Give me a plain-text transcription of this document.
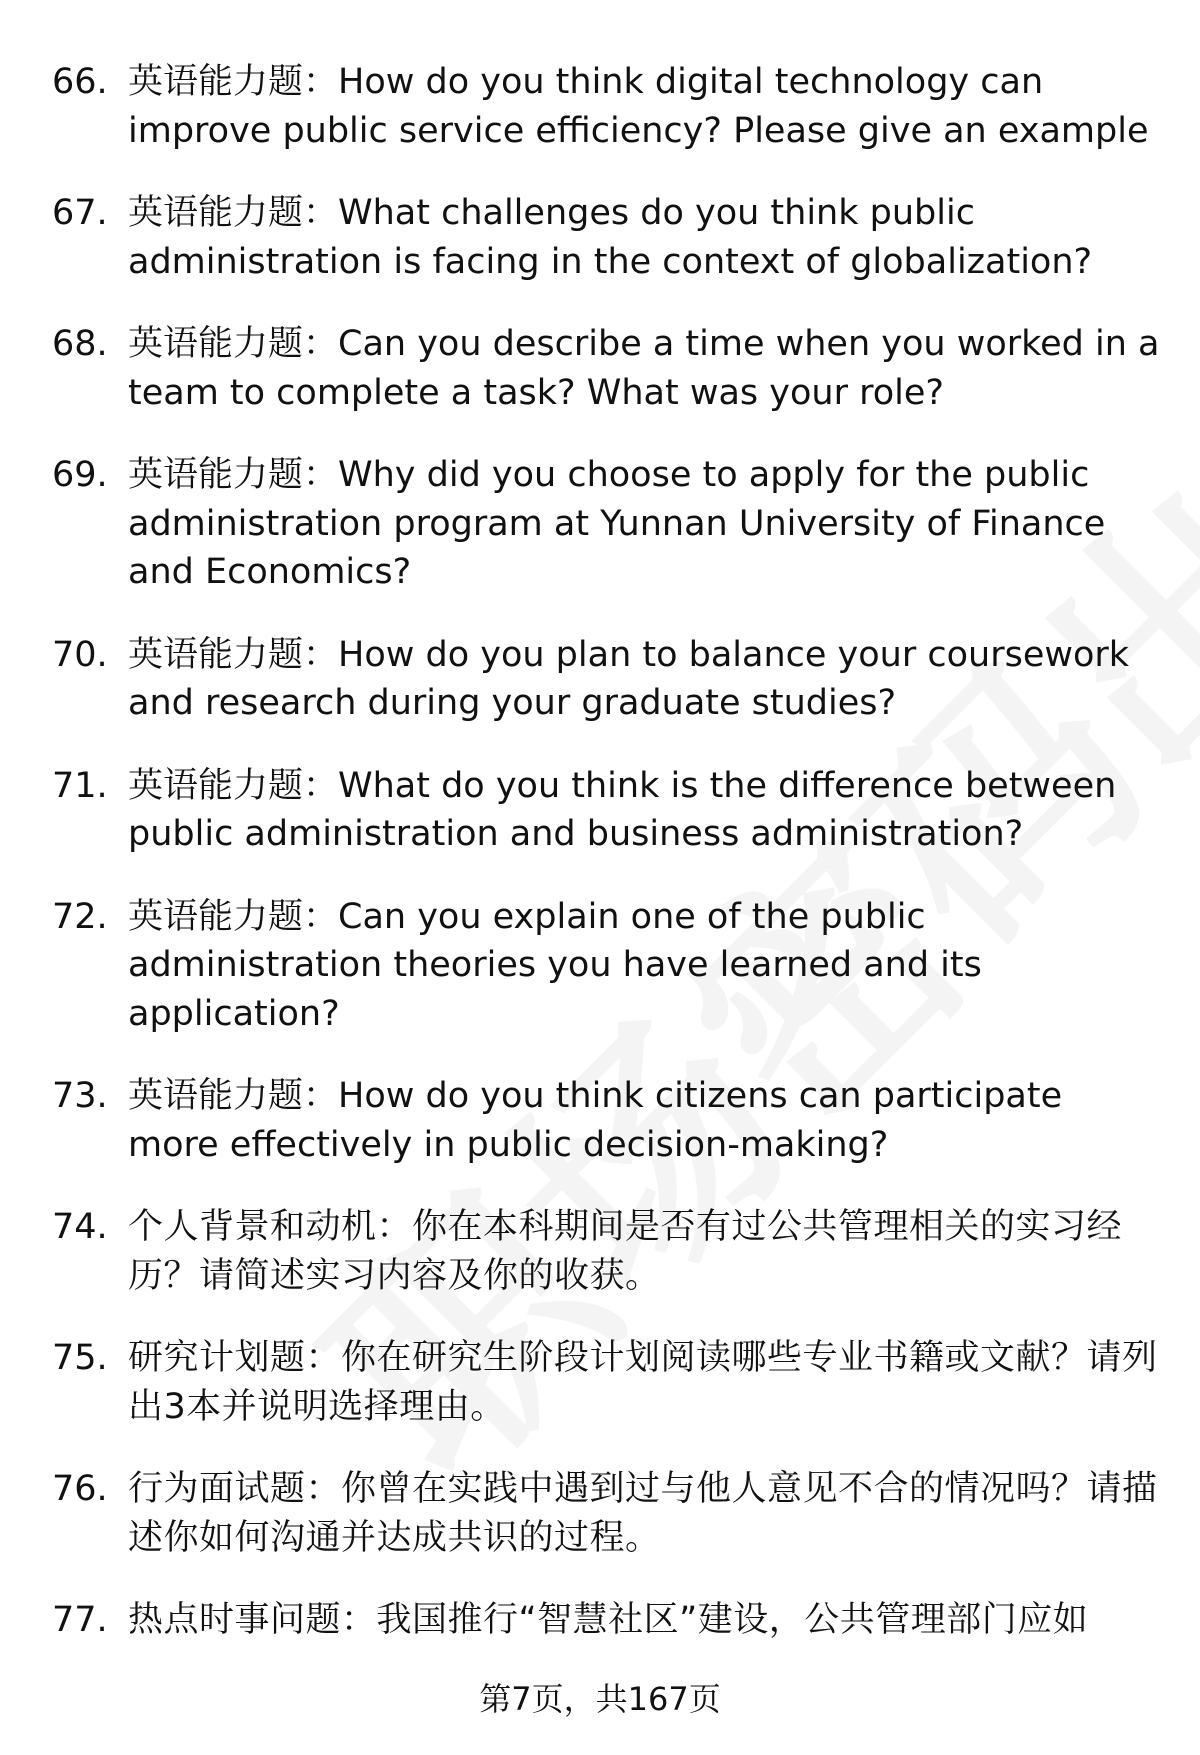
66. 英语能力题：How do you think digital technology can improve public service efficiency? Please give an example
67. 英语能力题：What challenges do you think public administration is facing in the context of globalization?
68. 英语能力题：Can you describe a time when you worked in a team to complete a task? What was your role?
69. 英语能力题：Why did you choose to apply for the public administration program at Yunnan University of Finance and Economics?
70. 英语能力题：How do you plan to balance your coursework and research during your graduate studies?
71. 英语能力题：What do you think is the difference between public administration and business administration?
72. 英语能力题：Can you explain one of the public administration theories you have learned and its application?
73. 英语能力题：How do you think citizens can participate more effectively in public decision-making?
74. 个人背景和动机：你在本科期间是否有过公共管理相关的实习经历？请简述实习内容及你的收获。
75. 研究计划题：你在研究生阶段计划阅读哪些专业书籍或文献？请列出3本并说明选择理由。
76. 行为面试题：你曾在实践中遇到过与他人意见不合的情况吗？请描述你如何沟通并达成共识的过程。
77. 热点时事问题：我国推行“智慧社区”建设，公共管理部门应如
第7页，共167页
